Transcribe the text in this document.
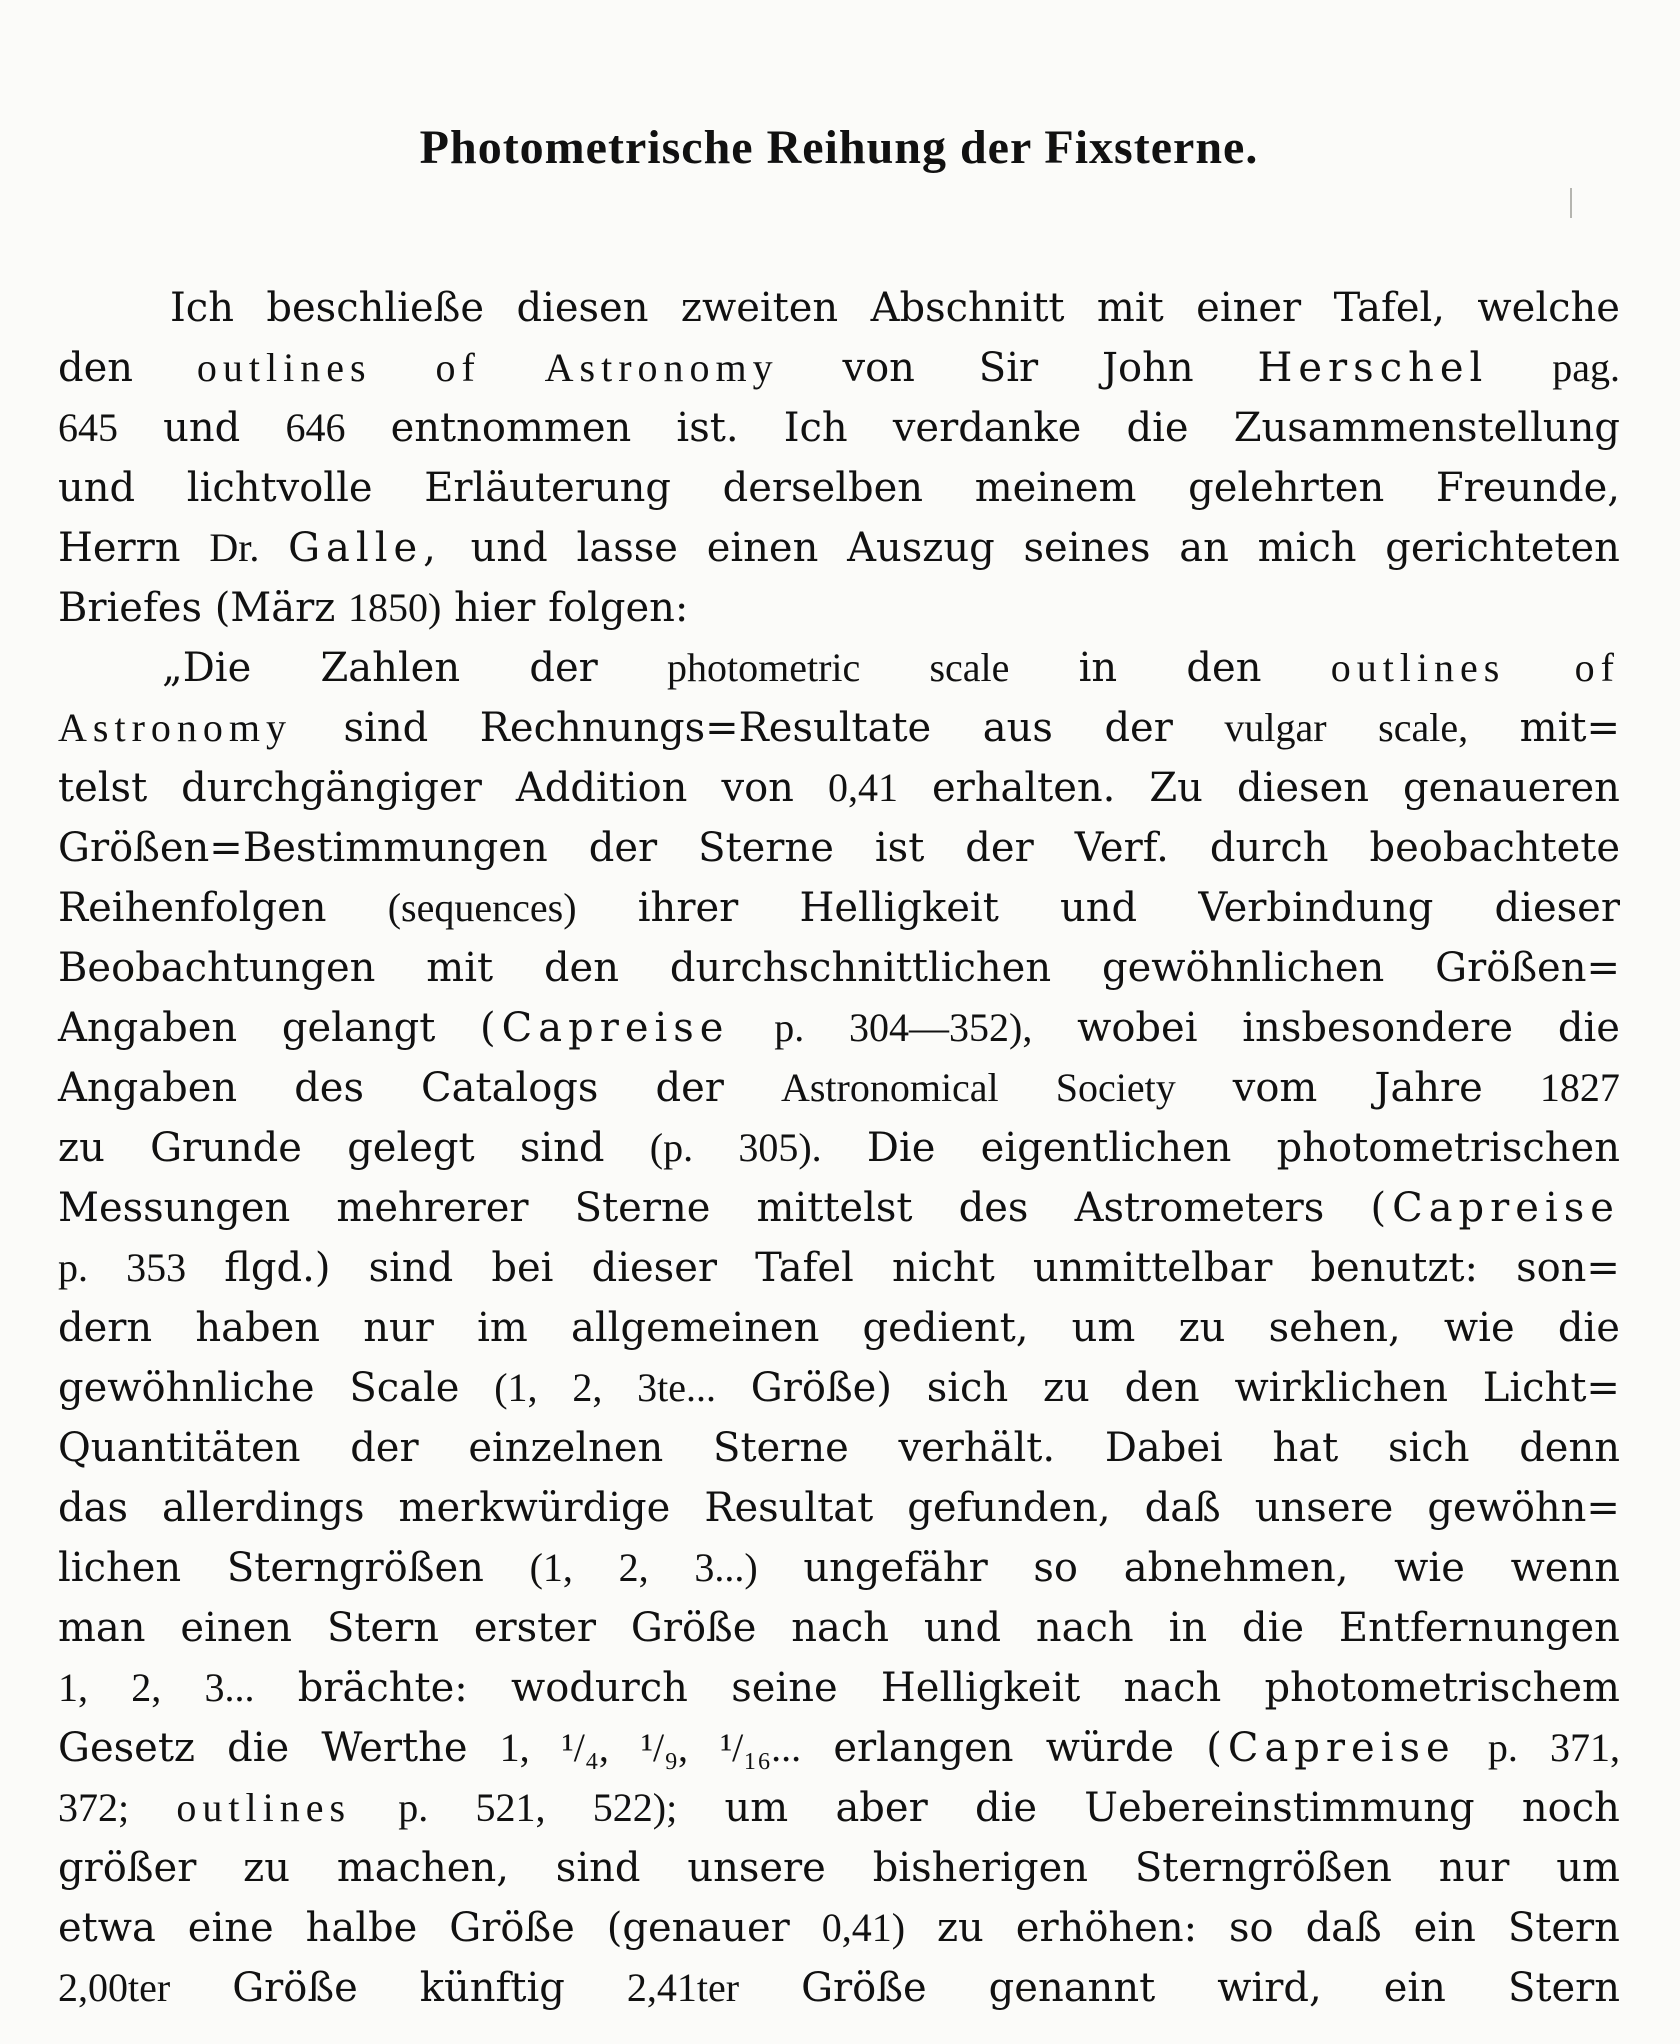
Photometrische Reihung der Fixsterne.
Ich beschließe diesen zweiten Abschnitt mit einer Tafel, welche
den outlines of Astronomy von Sir John Herschel pag.
645 und 646 entnommen ist. Ich verdanke die Zusammenstellung
und lichtvolle Erläuterung derselben meinem gelehrten Freunde,
Herrn Dr. Galle, und lasse einen Auszug seines an mich gerichteten
Briefes
(März
1850)
hier
folgen:
„Die Zahlen der photometric scale in den outlines of
Astronomy sind Rechnungs=Resultate aus der vulgar scale, mit=
telst durchgängiger Addition von 0,41 erhalten. Zu diesen genaueren
Größen=Bestimmungen der Sterne ist der Verf. durch beobachtete
Reihenfolgen (sequences) ihrer Helligkeit und Verbindung dieser
Beobachtungen mit den durchschnittlichen gewöhnlichen Größen=
Angaben gelangt (Capreise p. 304—352), wobei insbesondere die
Angaben des Catalogs der Astronomical Society vom Jahre 1827
zu Grunde gelegt sind (p. 305). Die eigentlichen photometrischen
Messungen mehrerer Sterne mittelst des Astrometers (Capreise
p. 353 flgd.) sind bei dieser Tafel nicht unmittelbar benutzt: son=
dern haben nur im allgemeinen gedient, um zu sehen, wie die
gewöhnliche Scale (1, 2, 3te... Größe) sich zu den wirklichen Licht=
Quantitäten der einzelnen Sterne verhält. Dabei hat sich denn
das allerdings merkwürdige Resultat gefunden, daß unsere gewöhn=
lichen Sterngrößen (1, 2, 3...) ungefähr so abnehmen, wie wenn
man einen Stern erster Größe nach und nach in die Entfernungen
1, 2, 3... brächte: wodurch seine Helligkeit nach photometrischem
Gesetz die Werthe 1, ¹/₄, ¹/₉, ¹/₁₆... erlangen würde (Capreise p. 371,
372; outlines p. 521, 522); um aber die Uebereinstimmung noch
größer zu machen, sind unsere bisherigen Sterngrößen nur um
etwa eine halbe Größe (genauer 0,41) zu erhöhen: so daß ein Stern
2,00ter Größe künftig 2,41ter Größe genannt wird, ein Stern
